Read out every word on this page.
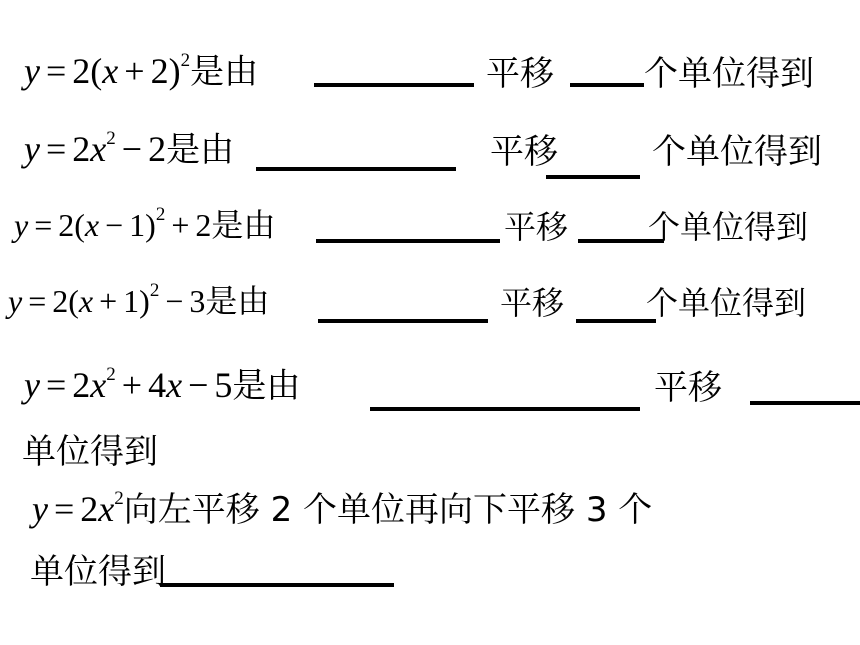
$y = 2(x + 2)^2$ 是由	平移	个单位得到
$y = 2x^2 - 2$ 是由	平移	个单位得到
$y = 2(x - 1)^2 + 2$ 是由	平移 个单位得到
$y = 2(x + 1)^2 - 3$ 是由	平移	个单位得到
$y = 2x^2 + 4x - 5$ 是由	平移
单位得到
$y = 2x^2$ 向左平移 2 个单位再向下平移 3 个
单位得到
